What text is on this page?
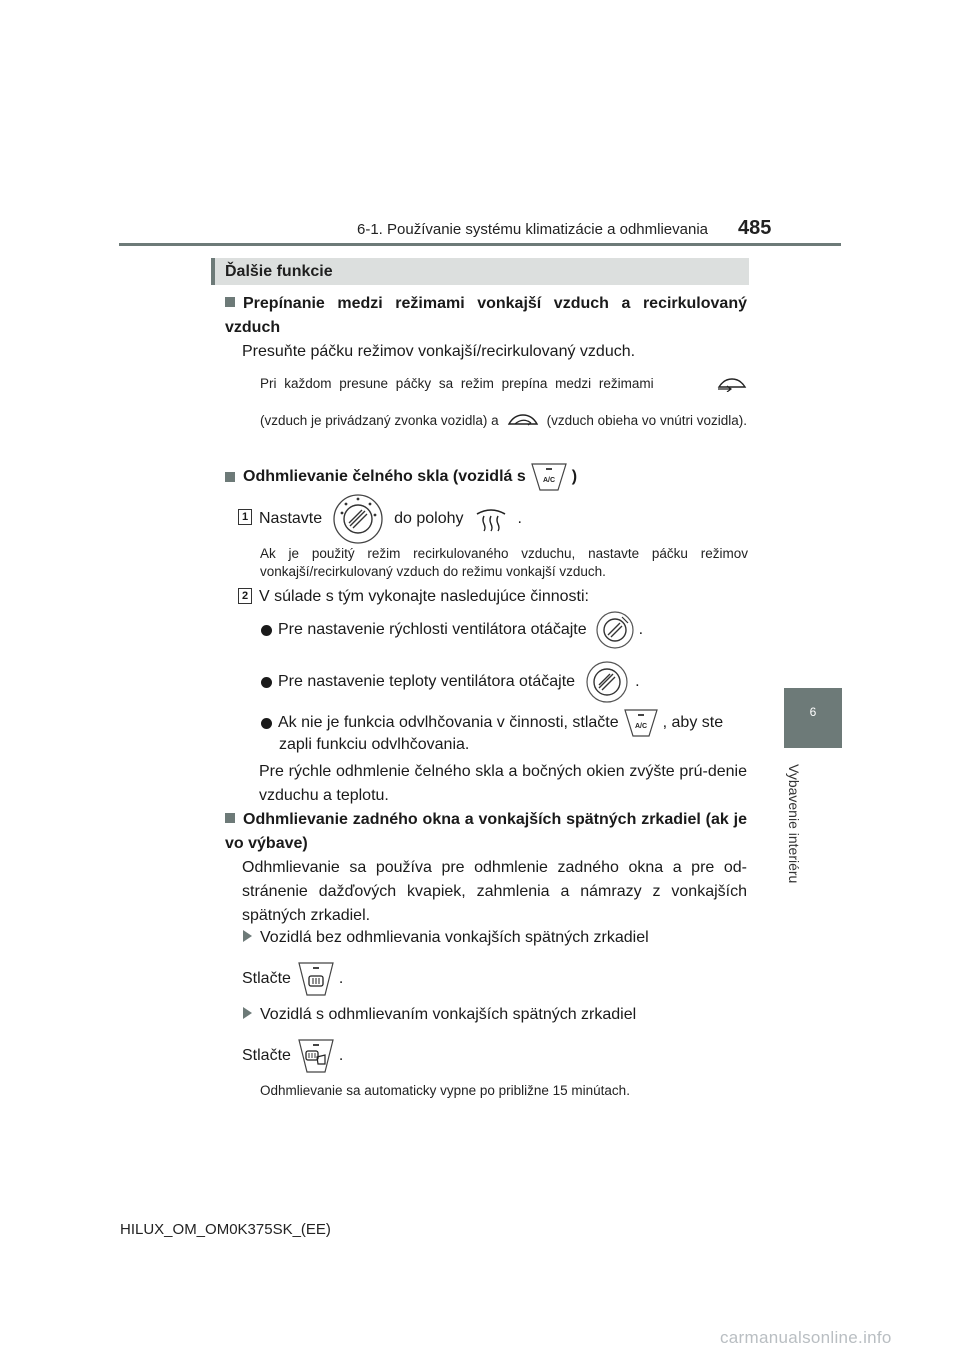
6-1. Používanie systému klimatizácie a odhmlievania 485
6
Vybavenie interiéru
Ďalšie funkcie
Prepínanie medzi režimami vonkajší vzduch a recirkulovaný vzduch
Presuňte páčku režimov vonkajší/recirkulovaný vzduch.
Pri každom presune páčky sa režim prepína medzi režimami
(vzduch je privádzaný zvonka vozidla) a	(vzduch obieha vo vnútri vozidla).
Odhmlievanie čelného skla (vozidlá s A/C )
1 Nastavte	do polohy	.
Ak je použitý režim recirkulovaného vzduchu, nastavte páčku režimov vonkajší/recirkulovaný vzduch do režimu vonkajší vzduch.
2 V súlade s tým vykonajte nasledujúce činnosti:
Pre nastavenie rýchlosti ventilátora otáčajte	.
Pre nastavenie teploty ventilátora otáčajte	.
Ak nie je funkcia odvlhčovania v činnosti, stlačte A/C , aby ste
zapli funkciu odvlhčovania.
Pre rýchle odhmlenie čelného skla a bočných okien zvýšte prú-denie vzduchu a teplotu.
Odhmlievanie zadného okna a vonkajších spätných zrkadiel (ak je vo výbave)
Odhmlievanie sa používa pre odhmlenie zadného okna a pre od-stránenie dažďových kvapiek, zahmlenia a námrazy z vonkajších spätných zrkadiel.
Vozidlá bez odhmlievania vonkajších spätných zrkadiel
Stlačte	.
Vozidlá s odhmlievaním vonkajších spätných zrkadiel
Stlačte	.
Odhmlievanie sa automaticky vypne po približne 15 minútach.
HILUX_OM_OM0K375SK_(EE)
carmanualsonline.info
